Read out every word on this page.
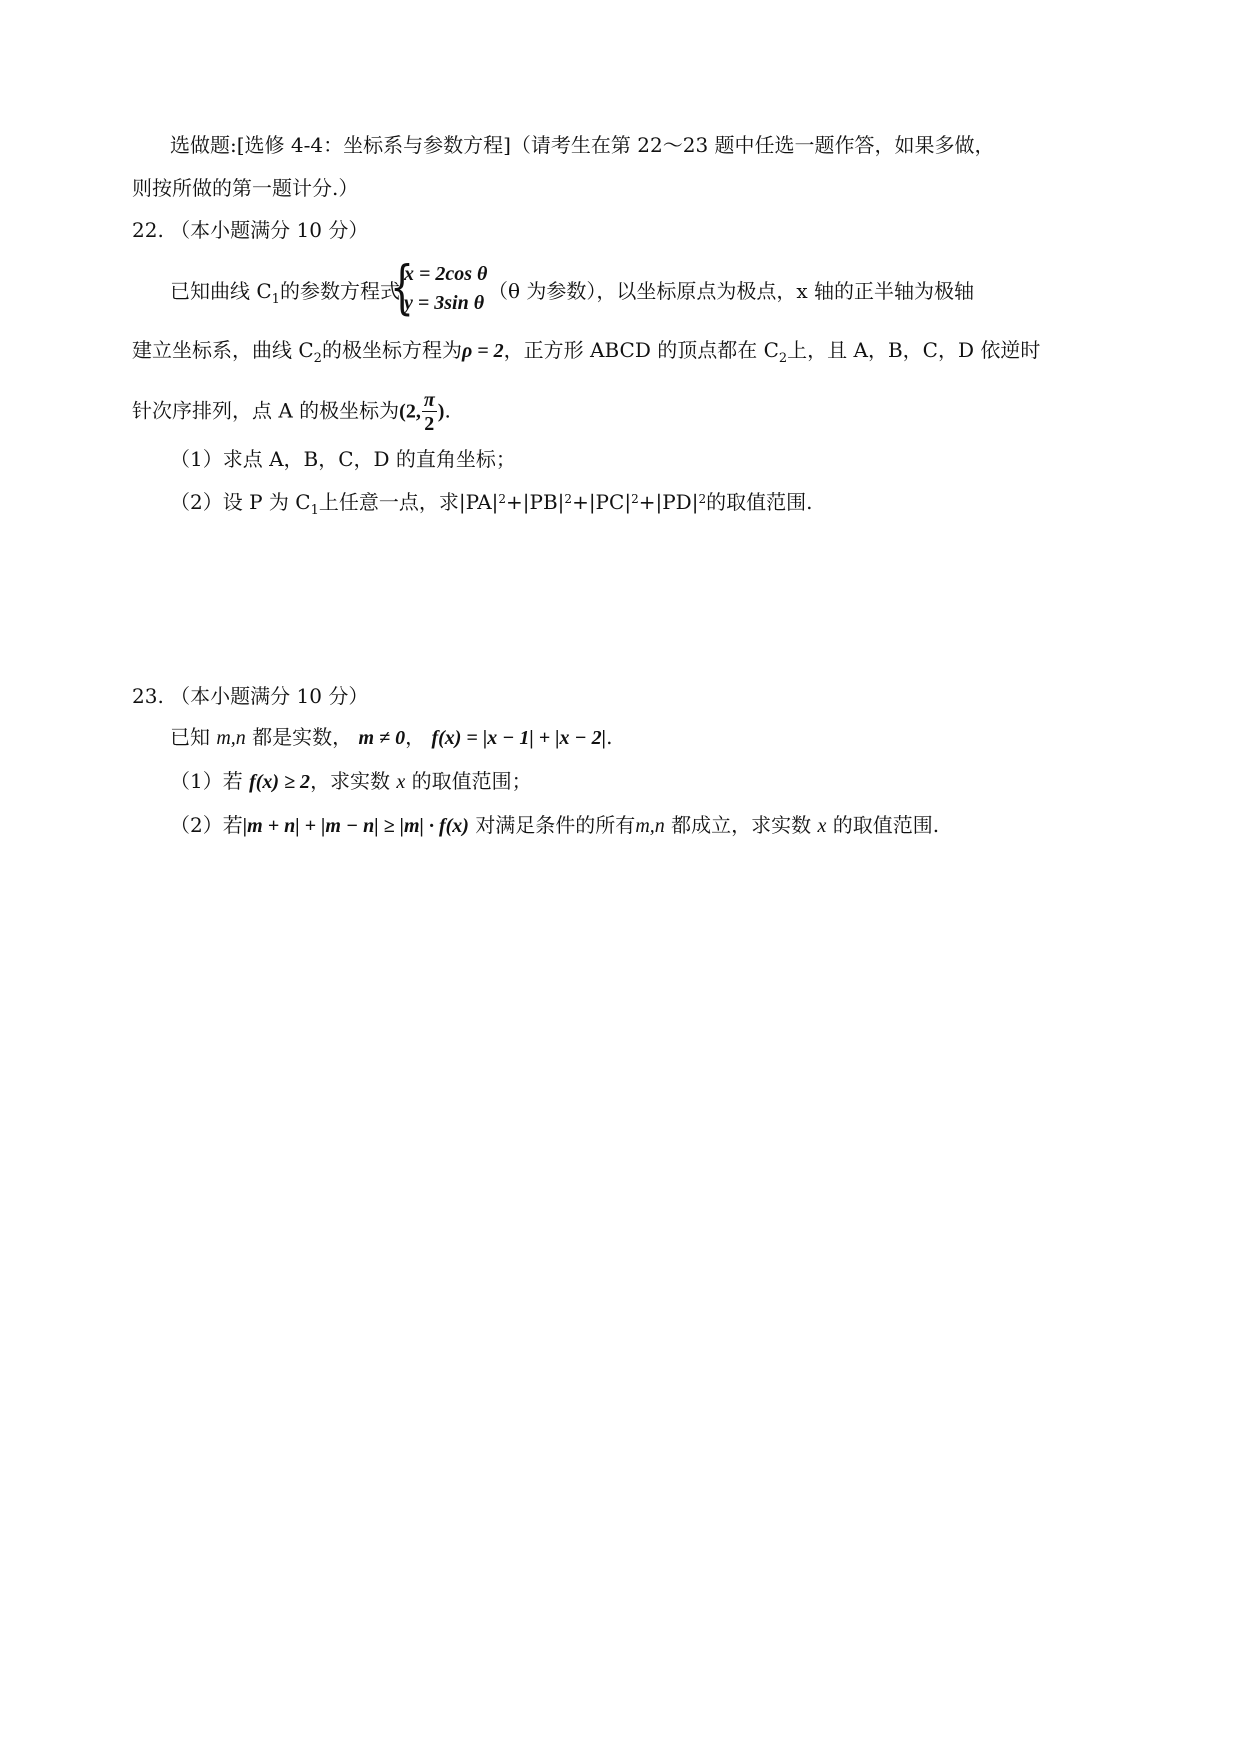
选做题:[选修 4-4：坐标系与参数方程]（请考生在第 22～23 题中任选一题作答，如果多做，
则按所做的第一题计分.）
22. （本小题满分 10 分）
已知曲线 $C_1$的参数方程式
{
x = 2cos θ
y = 3sin θ （θ 为参数），以坐标原点为极点，x 轴的正半轴为极轴
建立坐标系，曲线 $C_2$的极坐标方程为ρ = 2，正方形 ABCD 的顶点都在 $C_2$上，且 A，B，C，D 依逆时
针次序排列，点 A 的极坐标为(2, $\frac{\pi}{2}$ ).
（1）求点 A，B，C，D 的直角坐标；
（2）设 P 为 $C_1$上任意一点，求$|PA|^2+|PB|^2+|PC|^2+|PD|^2$的取值范围.
23. （本小题满分 10 分）
已知 m,n 都是实数， m ≠ 0， f(x) = |x − 1| + |x − 2|.
（1）若 f(x) ≥ 2，求实数 x 的取值范围；
（2）若|m + n| + |m − n| ≥ |m| · f(x) 对满足条件的所有m,n 都成立，求实数 x 的取值范围.
